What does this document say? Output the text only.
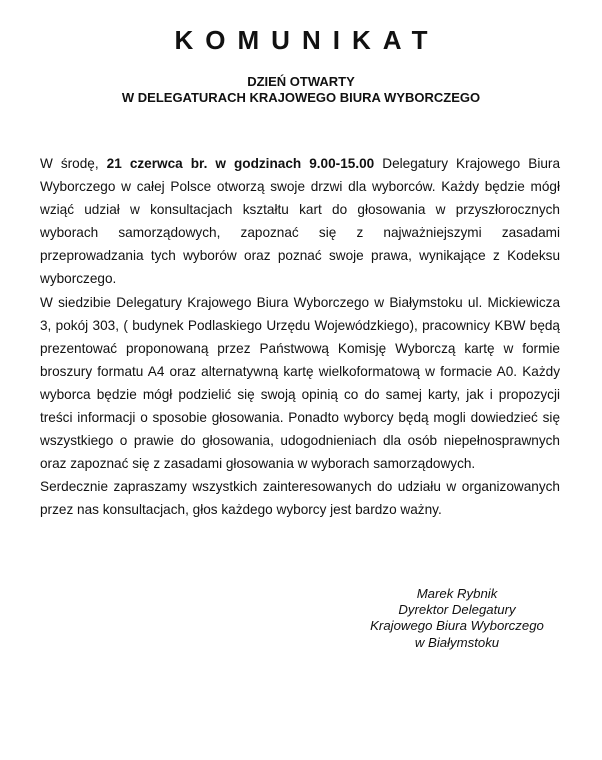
KOMUNIKAT
DZIEŃ OTWARTY
W DELEGATURACH KRAJOWEGO BIURA WYBORCZEGO

W środę, 21 czerwca br. w godzinach 9.00-15.00 Delegatury Krajowego Biura Wyborczego w całej Polsce otworzą swoje drzwi dla wyborców. Każdy będzie mógł wziąć udział w konsultacjach kształtu kart do głosowania w przyszłorocznych wyborach samorządowych, zapoznać się z najważniejszymi zasadami przeprowadzania tych wyborów oraz poznać swoje prawa, wynikające z Kodeksu wyborczego.

W siedzibie Delegatury Krajowego Biura Wyborczego w Białymstoku ul. Mickiewicza 3, pokój 303, ( budynek Podlaskiego Urzędu Wojewódzkiego), pracownicy KBW będą prezentować proponowaną przez Państwową Komisję Wyborczą kartę w formie broszury formatu A4 oraz alternatywną kartę wielkoformatową w formacie A0. Każdy wyborca będzie mógł podzielić się swoją opinią co do samej karty, jak i propozycji treści informacji o sposobie głosowania. Ponadto wyborcy będą mogli dowiedzieć się wszystkiego o prawie do głosowania, udogodnieniach dla osób niepełnosprawnych oraz zapoznać się z zasadami głosowania w wyborach samorządowych.

Serdecznie zapraszamy wszystkich zainteresowanych do udziału w organizowanych przez nas konsultacjach, głos każdego wyborcy jest bardzo ważny.

Marek Rybnik
Dyrektor Delegatury
Krajowego Biura Wyborczego
w Białymstoku
